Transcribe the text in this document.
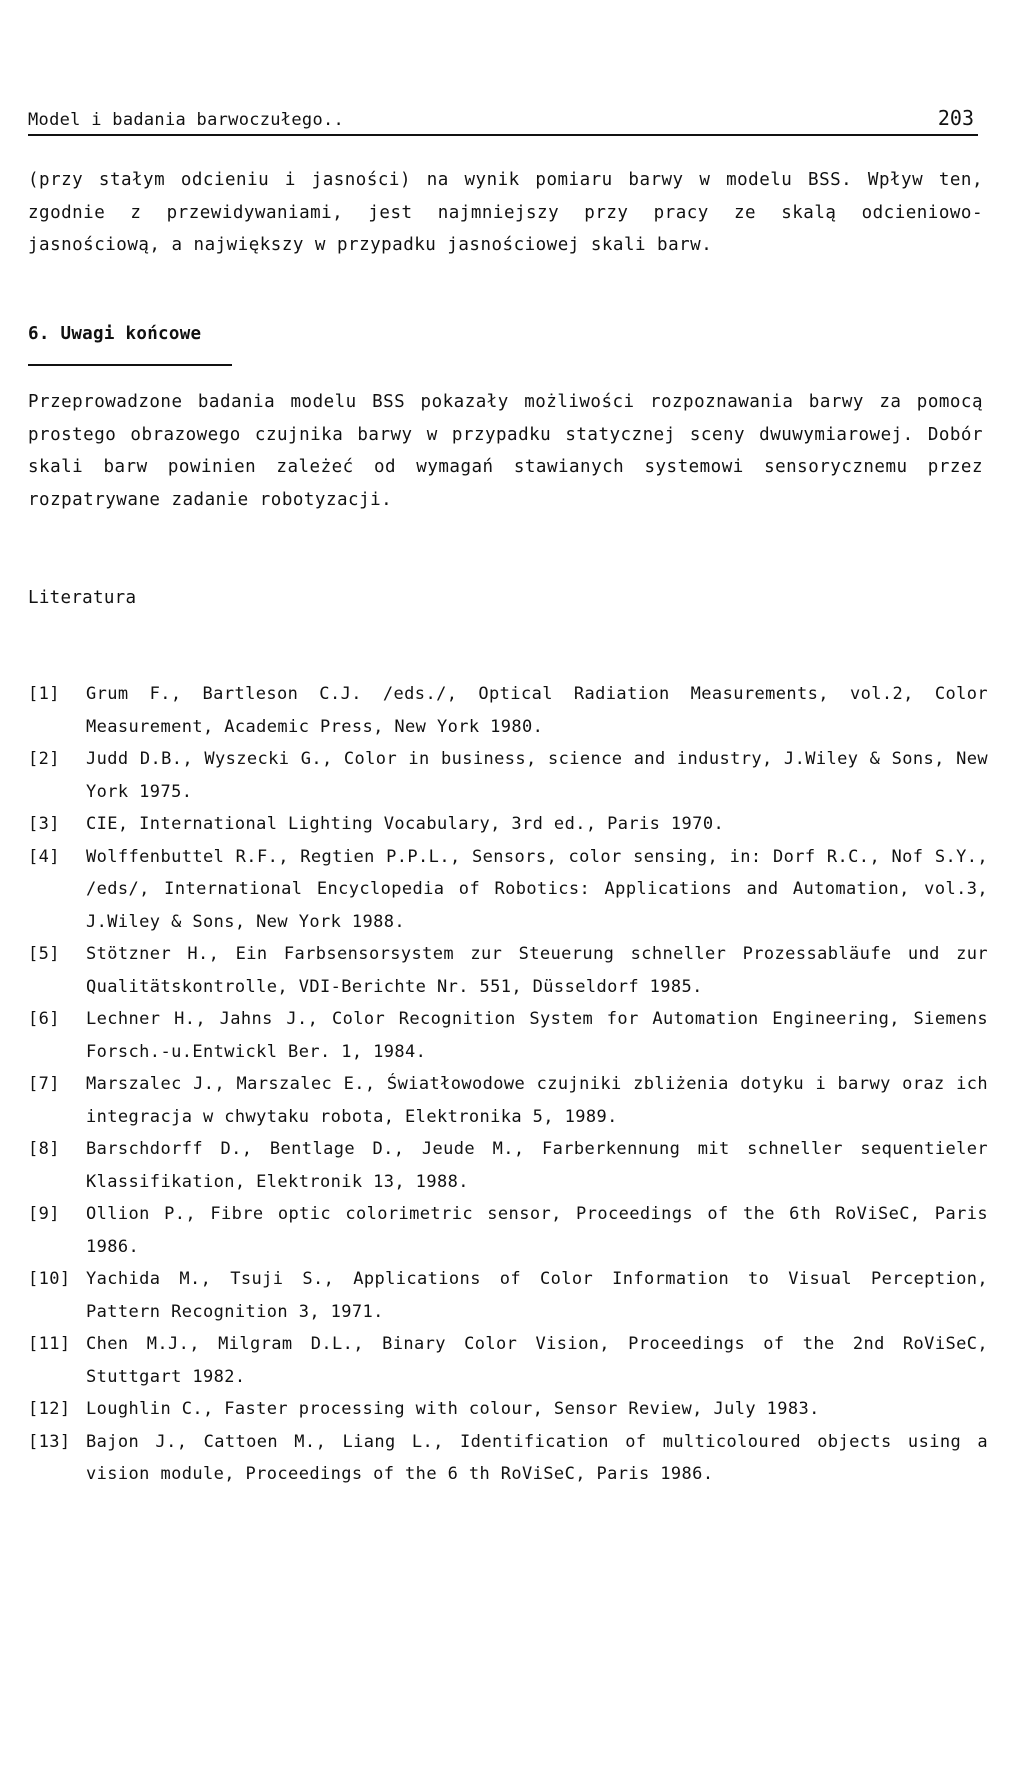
Model i badania barwoczułego..	203

(przy stałym odcieniu i jasności) na wynik pomiaru barwy w modelu BSS. Wpływ ten, zgodnie z przewidywaniami, jest najmniejszy przy pracy ze skalą odcieniowo-jasnościową, a największy w przypadku jasnościowej skali barw.

6. Uwagi końcowe

Przeprowadzone badania modelu BSS pokazały możliwości rozpoznawania barwy za pomocą prostego obrazowego czujnika barwy w przypadku statycznej sceny dwuwymiarowej. Dobór skali barw powinien zależeć od wymagań stawianych systemowi sensorycznemu przez rozpatrywane zadanie robotyzacji.

Literatura
[1] Grum F., Bartleson C.J. /eds./, Optical Radiation Measurements, vol.2, Color Measurement, Academic Press, New York 1980.
[2] Judd D.B., Wyszecki G., Color in business, science and industry, J.Wiley & Sons, New York 1975.
[3] CIE, International Lighting Vocabulary, 3rd ed., Paris 1970.
[4] Wolffenbuttel R.F., Regtien P.P.L., Sensors, color sensing, in: Dorf R.C., Nof S.Y., /eds/, International Encyclopedia of Robotics: Applications and Automation, vol.3, J.Wiley & Sons, New York 1988.
[5] Stötzner H., Ein Farbsensorsystem zur Steuerung schneller Prozessabläufe und zur Qualitätskontrolle, VDI-Berichte Nr. 551, Düsseldorf 1985.
[6] Lechner H., Jahns J., Color Recognition System for Automation Engineering, Siemens Forsch.-u.Entwickl Ber. 1, 1984.
[7] Marszalec J., Marszalec E., Światłowodowe czujniki zbliżenia dotyku i barwy oraz ich integracja w chwytaku robota, Elektronika 5, 1989.
[8] Barschdorff D., Bentlage D., Jeude M., Farberkennung mit schneller sequentieler Klassifikation, Elektronik 13, 1988.
[9] Ollion P., Fibre optic colorimetric sensor, Proceedings of the 6th RoViSeC, Paris 1986.
[10] Yachida M., Tsuji S., Applications of Color Information to Visual Perception, Pattern Recognition 3, 1971.
[11] Chen M.J., Milgram D.L., Binary Color Vision, Proceedings of the 2nd RoViSeC, Stuttgart 1982.
[12] Loughlin C., Faster processing with colour, Sensor Review, July 1983.
[13] Bajon J., Cattoen M., Liang L., Identification of multicoloured objects using a vision module, Proceedings of the 6 th RoViSeC, Paris 1986.
